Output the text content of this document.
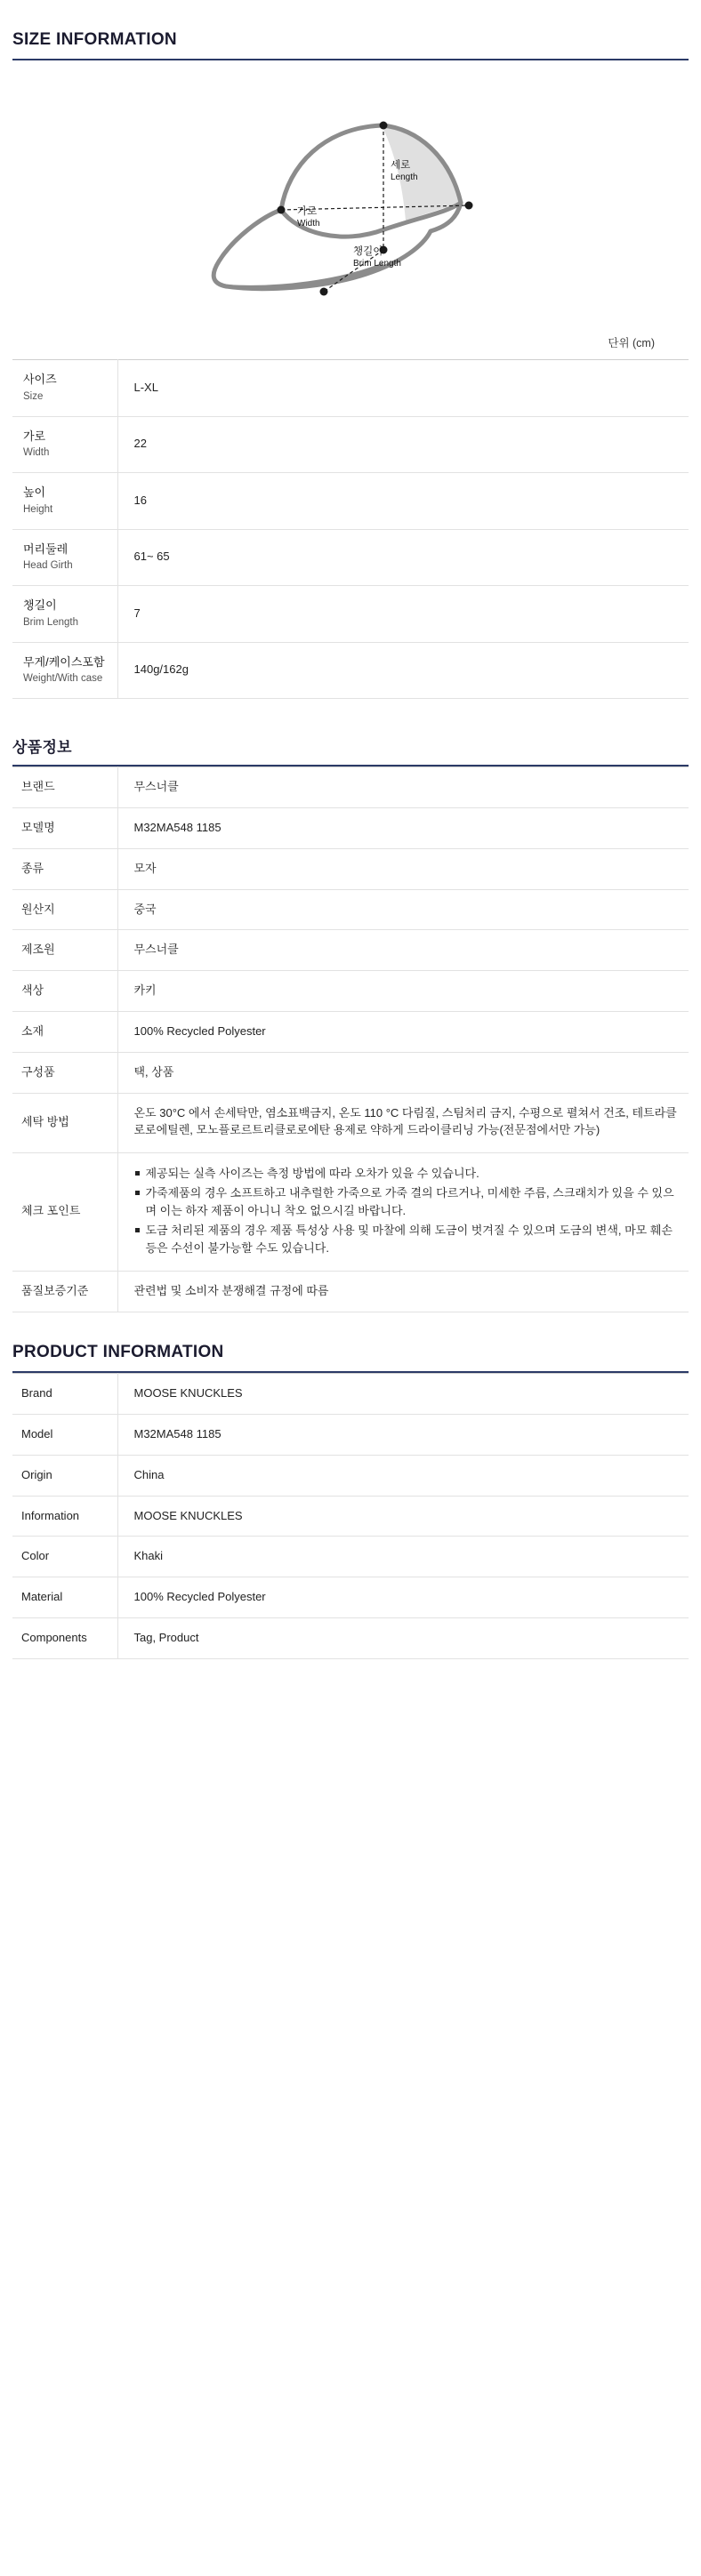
SIZE INFORMATION
세로
Length
가로
Width
챙길이
Brim Length
단위 (cm)
사이즈
Size	L-XL

가로
Width	22

높이
Height	16

머리둘레
Head Girth	61~ 65

챙길이
Brim Length	7

무게/케이스포함
Weight/With case	140g/162g
상품정보
브랜드	무스너클
모델명	M32MA548 1185
종류	모자
원산지	중국
제조원	무스너클
색상	카키
소재	100% Recycled Polyester
구성품	택, 상품
세탁 방법	온도 30°C 에서 손세탁만, 염소표백금지, 온도 110 °C 다림질, 스팀처리 금지, 수평으로 펼쳐서 건조, 테트라클로로에틸렌, 모노플로르트리클로로에탄 용제로 약하게 드라이클리닝 가능(전문점에서만 가능)

체크 포인트	
제공되는 실측 사이즈는 측정 방법에 따라 오차가 있을 수 있습니다.
가죽제품의 경우 소프트하고 내추럴한 가죽으로 가죽 결의 다르거나, 미세한 주름, 스크래치가 있을 수 있으며 이는 하자 제품이 아니니 착오 없으시길 바랍니다.
도금 처리된 제품의 경우 제품 특성상 사용 및 마찰에 의해 도금이 벗겨질 수 있으며 도금의 변색, 마모 훼손 등은 수선이 불가능할 수도 있습니다.

품질보증기준	관련법 및 소비자 분쟁해결 규정에 따름
PRODUCT INFORMATION
Brand	MOOSE KNUCKLES
Model	M32MA548 1185
Origin	China
Information	MOOSE KNUCKLES
Color	Khaki
Material	100% Recycled Polyester
Components	Tag, Product
